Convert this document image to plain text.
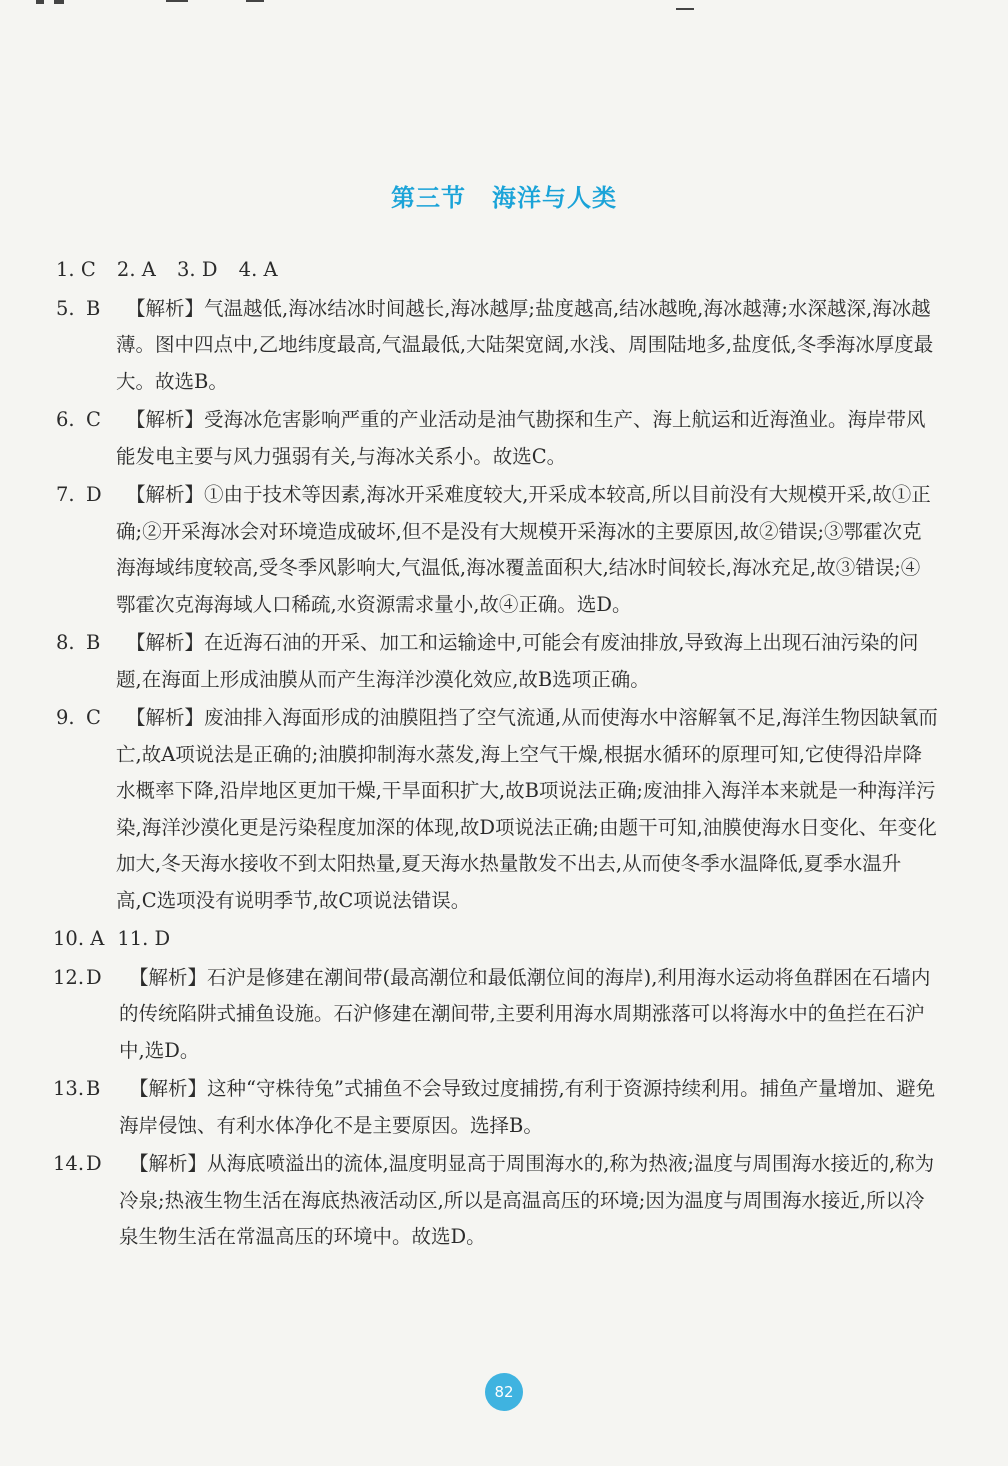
第三节 海洋与人类
1. C 2. A 3. D 4. A
5. B 【解析】气温越低,海冰结冰时间越长,海冰越厚;盐度越高,结冰越晚,海冰越薄;水深越深,海冰越薄。图中四点中,乙地纬度最高,气温最低,大陆架宽阔,水浅、周围陆地多,盐度低,冬季海冰厚度最大。故选B。
6. C 【解析】受海冰危害影响严重的产业活动是油气勘探和生产、海上航运和近海渔业。海岸带风能发电主要与风力强弱有关,与海冰关系小。故选C。
7. D 【解析】①由于技术等因素,海冰开采难度较大,开采成本较高,所以目前没有大规模开采,故①正确;②开采海冰会对环境造成破坏,但不是没有大规模开采海冰的主要原因,故②错误;③鄂霍次克海海域纬度较高,受冬季风影响大,气温低,海冰覆盖面积大,结冰时间较长,海冰充足,故③错误;④鄂霍次克海海域人口稀疏,水资源需求量小,故④正确。选D。
8. B 【解析】在近海石油的开采、加工和运输途中,可能会有废油排放,导致海上出现石油污染的问题,在海面上形成油膜从而产生海洋沙漠化效应,故B选项正确。
9. C 【解析】废油排入海面形成的油膜阻挡了空气流通,从而使海水中溶解氧不足,海洋生物因缺氧而亡,故A项说法是正确的;油膜抑制海水蒸发,海上空气干燥,根据水循环的原理可知,它使得沿岸降水概率下降,沿岸地区更加干燥,干旱面积扩大,故B项说法正确;废油排入海洋本来就是一种海洋污染,海洋沙漠化更是污染程度加深的体现,故D项说法正确;由题干可知,油膜使海水日变化、年变化加大,冬天海水接收不到太阳热量,夏天海水热量散发不出去,从而使冬季水温降低,夏季水温升高,C选项没有说明季节,故C项说法错误。
10. A 11. D
12. D 【解析】石沪是修建在潮间带(最高潮位和最低潮位间的海岸),利用海水运动将鱼群困在石墙内的传统陷阱式捕鱼设施。石沪修建在潮间带,主要利用海水周期涨落可以将海水中的鱼拦在石沪中,选D。
13. B 【解析】这种“守株待兔”式捕鱼不会导致过度捕捞,有利于资源持续利用。捕鱼产量增加、避免海岸侵蚀、有利水体净化不是主要原因。选择B。
14. D 【解析】从海底喷溢出的流体,温度明显高于周围海水的,称为热液;温度与周围海水接近的,称为冷泉;热液生物生活在海底热液活动区,所以是高温高压的环境;因为温度与周围海水接近,所以冷泉生物生活在常温高压的环境中。故选D。
82
